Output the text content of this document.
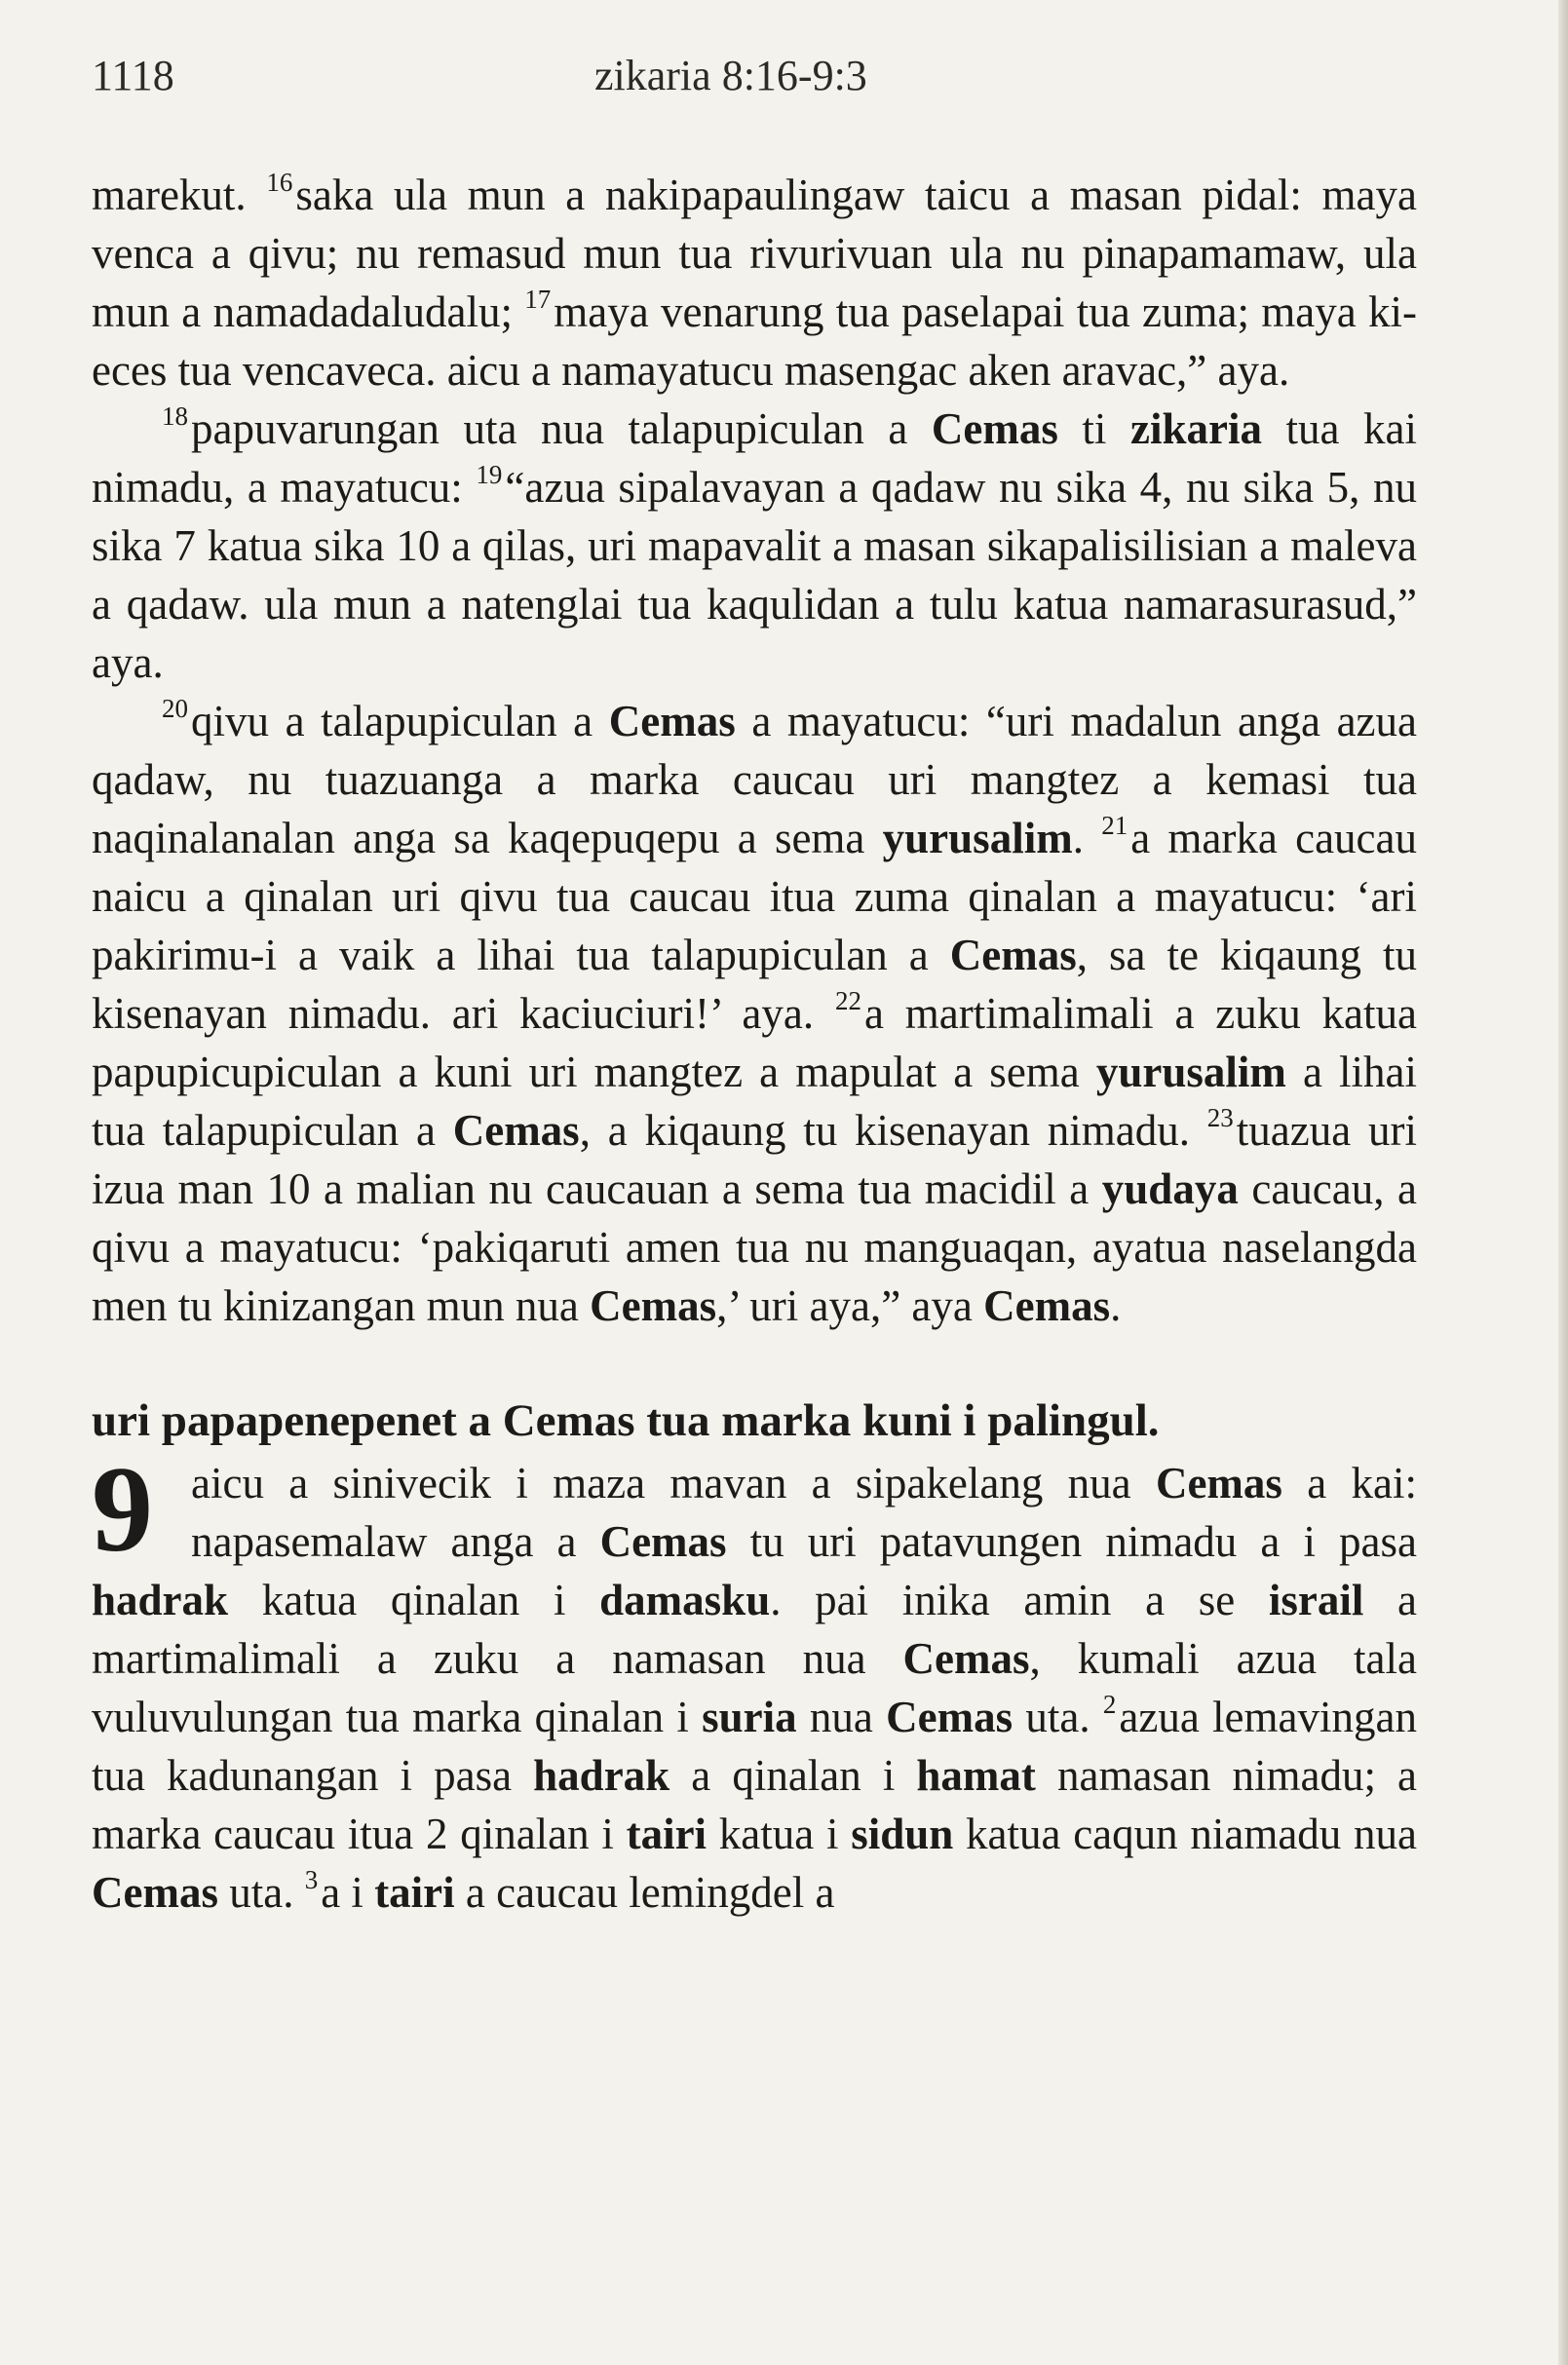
1118	zikaria 8:16-9:3

marekut. $^{16}$saka ula mun a nakipapaulingaw taicu a masan pidal: maya venca a qivu; nu remasud mun tua rivurivuan ula nu pinapamamaw, ula mun a namadadaludalu; $^{17}$maya venarung tua paselapai tua zuma; maya ki-eces tua vencaveca. aicu a namayatucu masengac aken aravac,” aya.

$^{18}$papuvarungan uta nua talapupiculan a Cemas ti zikaria tua kai nimadu, a mayatucu: $^{19}$“azua sipalavayan a qadaw nu sika 4, nu sika 5, nu sika 7 katua sika 10 a qilas, uri mapavalit a masan sikapalisilisian a maleva a qadaw. ula mun a natenglai tua kaqulidan a tulu katua namarasurasud,” aya.

$^{20}$qivu a talapupiculan a Cemas a mayatucu: “uri madalun anga azua qadaw, nu tuazuanga a marka caucau uri mangtez a kemasi tua naqinalanalan anga sa kaqepuqepu a sema yurusalim. $^{21}$a marka caucau naicu a qinalan uri qivu tua caucau itua zuma qinalan a mayatucu: ‘ari pakirimu-i a vaik a lihai tua talapupiculan a Cemas, sa te kiqaung tu kisenayan nimadu. ari kaciuciuri!’ aya. $^{22}$a martimalimali a zuku katua papupicupiculan a kuni uri mangtez a mapulat a sema yurusalim a lihai tua talapupiculan a Cemas, a kiqaung tu kisenayan nimadu. $^{23}$tuazua uri izua man 10 a malian nu caucauan a sema tua macidil a yudaya caucau, a qivu a mayatucu: ‘pakiqaruti amen tua nu manguaqan, ayatua naselangda men tu kinizangan mun nua Cemas,’ uri aya,” aya Cemas.

uri papapenepenet a Cemas tua marka kuni i palingul.
9 aicu a sinivecik i maza mavan a sipakelang nua Cemas a kai: napasemalaw anga a Cemas tu uri patavungen nimadu a i pasa hadrak katua qinalan i damasku. pai inika amin a se israil a martimalimali a zuku a namasan nua Cemas, kumali azua tala vuluvulungan tua marka qinalan i suria nua Cemas uta. $^2$azua lemavingan tua kadunangan i pasa hadrak a qinalan i hamat namasan nimadu; a marka caucau itua 2 qinalan i tairi katua i sidun katua caqun niamadu nua Cemas uta. $^3$a i tairi a caucau lemingdel a
